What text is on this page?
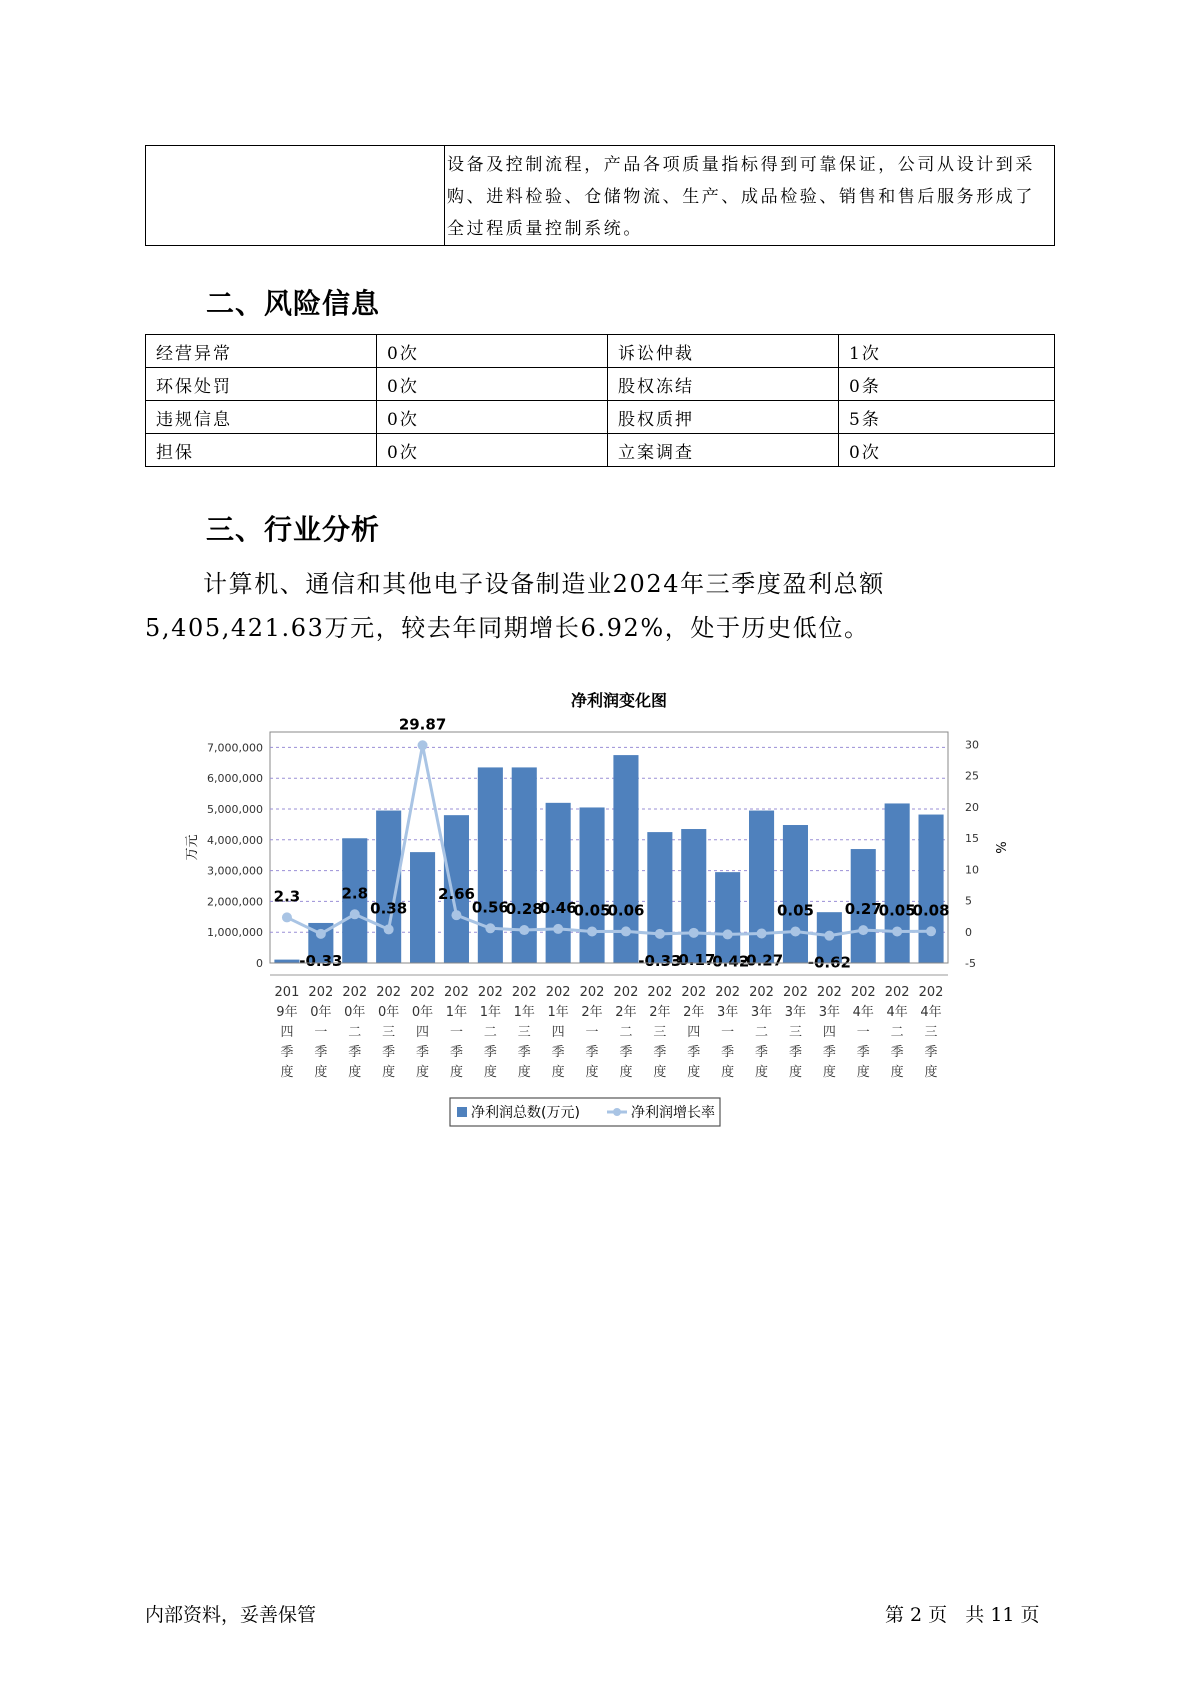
	设备及控制流程，产品各项质量指标得到可靠保证，公司从设计到采购、进料检验、仓储物流、生产、成品检验、销售和售后服务形成了全过程质量控制系统。
二、风险信息
经营异常	0次	诉讼仲裁	1次
环保处罚	0次	股权冻结	0条
违规信息	0次	股权质押	5条
担保	0次	立案调查	0次
三、行业分析
计算机、通信和其他电子设备制造业2024年三季度盈利总额5,405,421.63万元，较去年同期增长6.92%，处于历史低位。
净利润变化图
0
1,000,000
2,000,000
3,000,000
4,000,000
5,000,000
6,000,000
7,000,000
-5
0
5
10
15
20
25
30
万元	%
2.3
-0.33
2.8
0.38
29.87
2.66
0.56
0.28
0.46
0.05
0.06
-0.33
-0.17
-0.42
-0.27
0.05
-0.62
0.27
0.05
0.08
201
9年
四
季
度
202
0年
一
季
度
202
0年
二
季
度
202
0年
三
季
度
202
0年
四
季
度
202
1年
一
季
度
202
1年
二
季
度
202
1年
三
季
度
202
1年
四
季
度
202
2年
一
季
度
202
2年
二
季
度
202
2年
三
季
度
202
2年
四
季
度
202
3年
一
季
度
202
3年
二
季
度
202
3年
三
季
度
202
3年
四
季
度
202
4年
一
季
度
202
4年
二
季
度
202
4年
三
季
度
净利润总数(万元)	净利润增长率
内部资料，妥善保管	第 2 页   共 11 页
